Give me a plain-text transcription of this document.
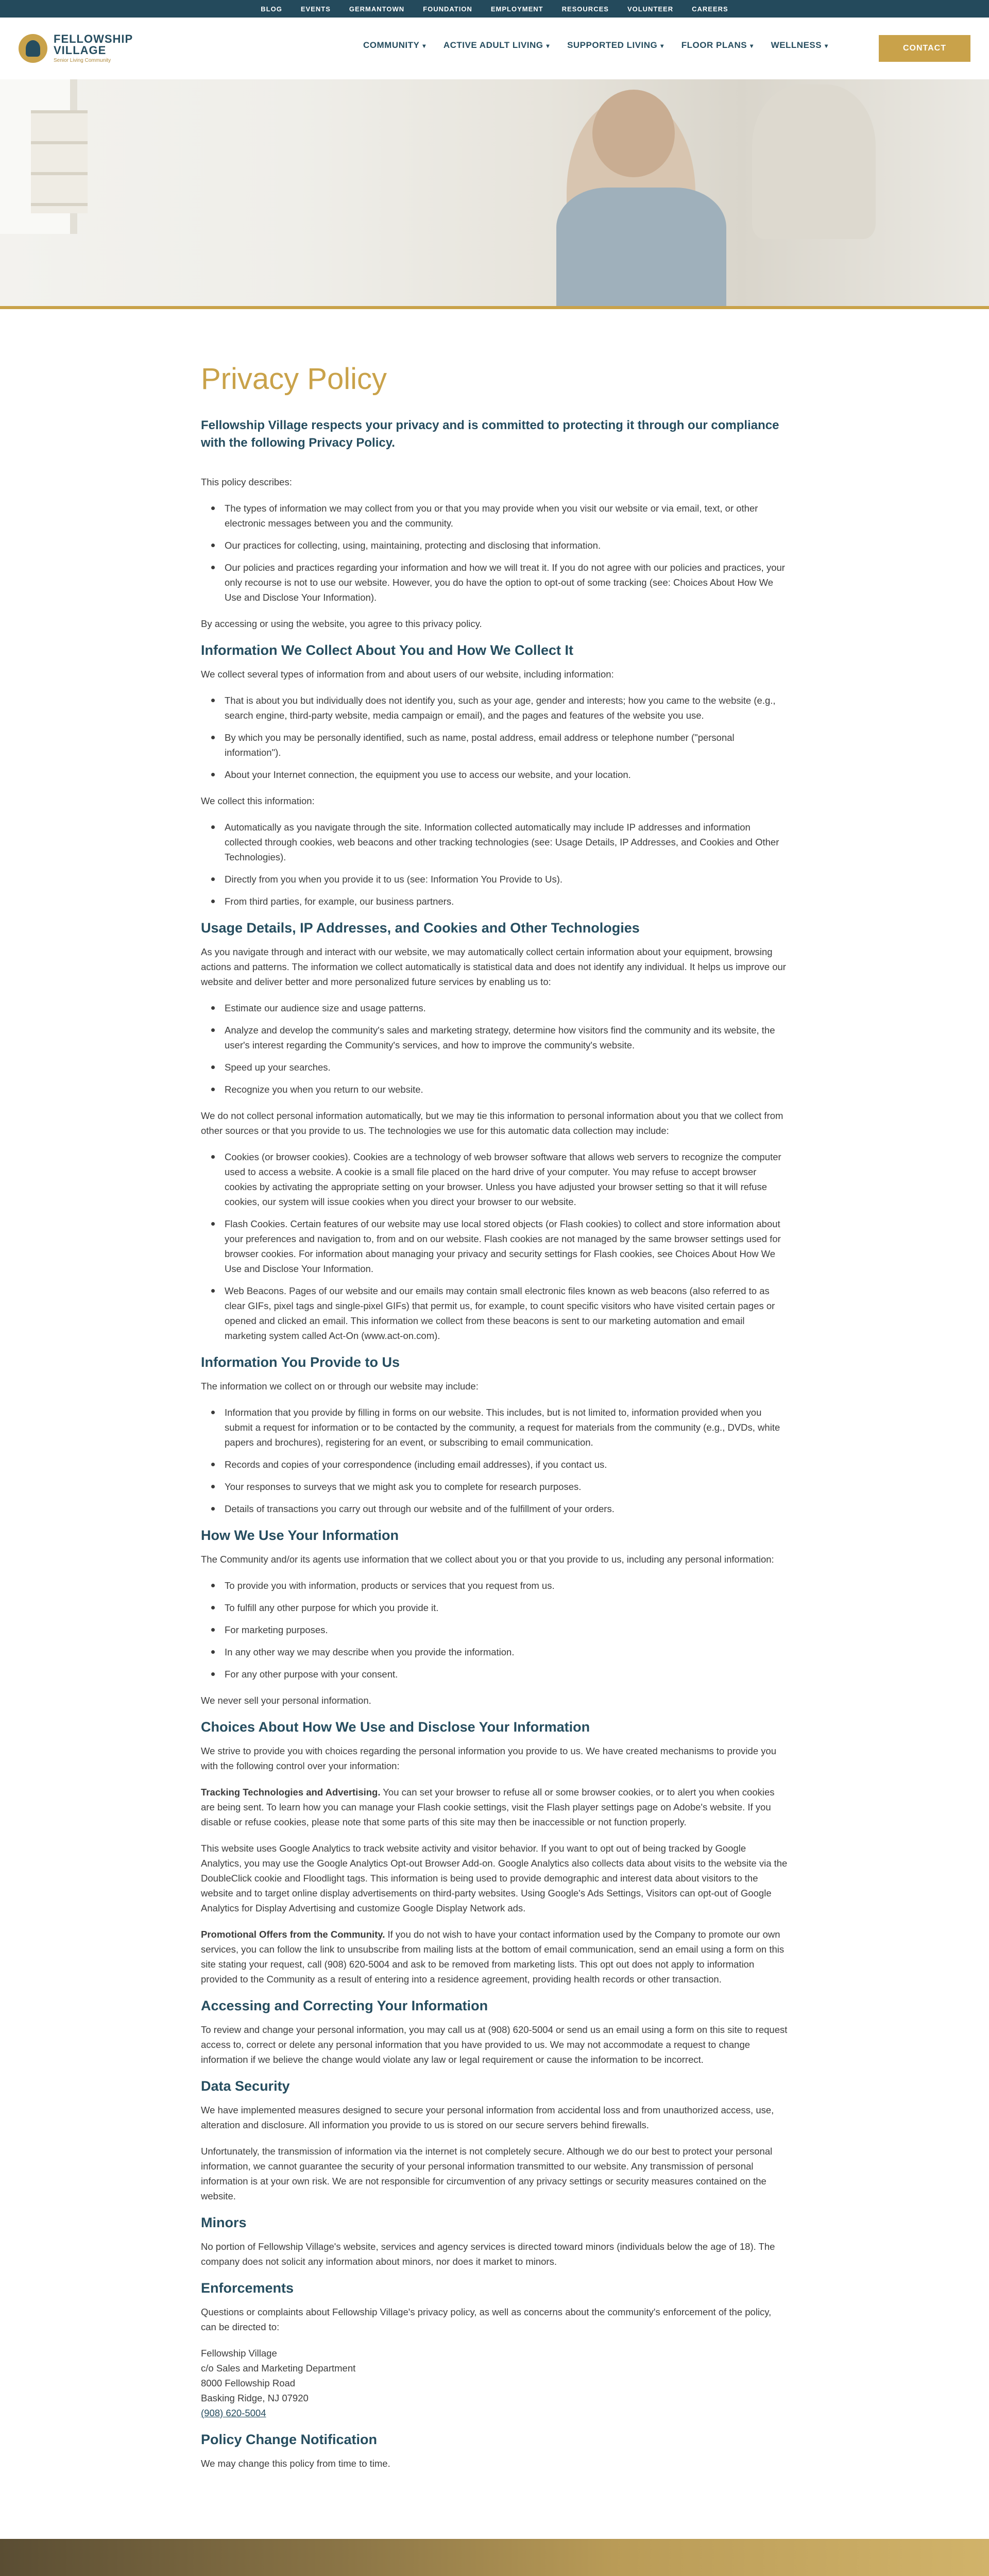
BLOG	EVENTS	GERMANTOWN	FOUNDATION	EMPLOYMENT	RESOURCES	VOLUNTEER	CAREERS
FELLOWSHIP
VILLAGE
Senior Living Community
COMMUNITY ▾ ACTIVE ADULT LIVING ▾ SUPPORTED LIVING ▾ FLOOR PLANS ▾ WELLNESS ▾	CONTACT
Privacy Policy

Fellowship Village respects your privacy and is committed to protecting it through our compliance with the following Privacy Policy.

This policy describes:

The types of information we may collect from you or that you may provide when you visit our website or via email, text, or other electronic messages between you and the community.
Our practices for collecting, using, maintaining, protecting and disclosing that information.
Our policies and practices regarding your information and how we will treat it. If you do not agree with our policies and practices, your only recourse is not to use our website. However, you do have the option to opt-out of some tracking (see: Choices About How We Use and Disclose Your Information).

By accessing or using the website, you agree to this privacy policy.

Information We Collect About You and How We Collect It

We collect several types of information from and about users of our website, including information:

That is about you but individually does not identify you, such as your age, gender and interests; how you came to the website (e.g., search engine, third-party website, media campaign or email), and the pages and features of the website you use.
By which you may be personally identified, such as name, postal address, email address or telephone number ("personal information").
About your Internet connection, the equipment you use to access our website, and your location.

We collect this information:

Automatically as you navigate through the site. Information collected automatically may include IP addresses and information collected through cookies, web beacons and other tracking technologies (see: Usage Details, IP Addresses, and Cookies and Other Technologies).
Directly from you when you provide it to us (see: Information You Provide to Us).
From third parties, for example, our business partners.
Usage Details, IP Addresses, and Cookies and Other Technologies

As you navigate through and interact with our website, we may automatically collect certain information about your equipment, browsing actions and patterns. The information we collect automatically is statistical data and does not identify any individual. It helps us improve our website and deliver better and more personalized future services by enabling us to:

Estimate our audience size and usage patterns.
Analyze and develop the community's sales and marketing strategy, determine how visitors find the community and its website, the user's interest regarding the Community's services, and how to improve the community's website.
Speed up your searches.
Recognize you when you return to our website.

We do not collect personal information automatically, but we may tie this information to personal information about you that we collect from other sources or that you provide to us. The technologies we use for this automatic data collection may include:

Cookies (or browser cookies). Cookies are a technology of web browser software that allows web servers to recognize the computer used to access a website. A cookie is a small file placed on the hard drive of your computer. You may refuse to accept browser cookies by activating the appropriate setting on your browser. Unless you have adjusted your browser setting so that it will refuse cookies, our system will issue cookies when you direct your browser to our website.
Flash Cookies. Certain features of our website may use local stored objects (or Flash cookies) to collect and store information about your preferences and navigation to, from and on our website. Flash cookies are not managed by the same browser settings used for browser cookies. For information about managing your privacy and security settings for Flash cookies, see Choices About How We Use and Disclose Your Information.
Web Beacons. Pages of our website and our emails may contain small electronic files known as web beacons (also referred to as clear GIFs, pixel tags and single-pixel GIFs) that permit us, for example, to count specific visitors who have visited certain pages or opened and clicked an email. This information we collect from these beacons is sent to our marketing automation and email marketing system called Act-On (www.act-on.com).
Information You Provide to Us

The information we collect on or through our website may include:

Information that you provide by filling in forms on our website. This includes, but is not limited to, information provided when you submit a request for information or to be contacted by the community, a request for materials from the community (e.g., DVDs, white papers and brochures), registering for an event, or subscribing to email communication.
Records and copies of your correspondence (including email addresses), if you contact us.
Your responses to surveys that we might ask you to complete for research purposes.
Details of transactions you carry out through our website and of the fulfillment of your orders.
How We Use Your Information

The Community and/or its agents use information that we collect about you or that you provide to us, including any personal information:

To provide you with information, products or services that you request from us.
To fulfill any other purpose for which you provide it.
For marketing purposes.
In any other way we may describe when you provide the information.
For any other purpose with your consent.

We never sell your personal information.

Choices About How We Use and Disclose Your Information

We strive to provide you with choices regarding the personal information you provide to us. We have created mechanisms to provide you with the following control over your information:

Tracking Technologies and Advertising. You can set your browser to refuse all or some browser cookies, or to alert you when cookies are being sent. To learn how you can manage your Flash cookie settings, visit the Flash player settings page on Adobe's website. If you disable or refuse cookies, please note that some parts of this site may then be inaccessible or not function properly.

This website uses Google Analytics to track website activity and visitor behavior. If you want to opt out of being tracked by Google Analytics, you may use the Google Analytics Opt-out Browser Add-on. Google Analytics also collects data about visits to the website via the DoubleClick cookie and Floodlight tags. This information is being used to provide demographic and interest data about visitors to the website and to target online display advertisements on third-party websites. Using Google's Ads Settings, Visitors can opt-out of Google Analytics for Display Advertising and customize Google Display Network ads.

Promotional Offers from the Community. If you do not wish to have your contact information used by the Company to promote our own services, you can follow the link to unsubscribe from mailing lists at the bottom of email communication, send an email using a form on this site stating your request, call (908) 620-5004 and ask to be removed from marketing lists. This opt out does not apply to information provided to the Community as a result of entering into a residence agreement, providing health records or other transaction.

Accessing and Correcting Your Information

To review and change your personal information, you may call us at (908) 620-5004 or send us an email using a form on this site to request access to, correct or delete any personal information that you have provided to us. We may not accommodate a request to change information if we believe the change would violate any law or legal requirement or cause the information to be incorrect.

Data Security

We have implemented measures designed to secure your personal information from accidental loss and from unauthorized access, use, alteration and disclosure. All information you provide to us is stored on our secure servers behind firewalls.

Unfortunately, the transmission of information via the internet is not completely secure. Although we do our best to protect your personal information, we cannot guarantee the security of your personal information transmitted to our website. Any transmission of personal information is at your own risk. We are not responsible for circumvention of any privacy settings or security measures contained on the website.

Minors

No portion of Fellowship Village's website, services and agency services is directed toward minors (individuals below the age of 18). The company does not solicit any information about minors, nor does it market to minors.

Enforcements

Questions or complaints about Fellowship Village's privacy policy, as well as concerns about the community's enforcement of the policy, can be directed to:

Fellowship Village

c/o Sales and Marketing Department

8000 Fellowship Road

Basking Ridge, NJ 07920

(908) 620-5004

Policy Change Notification

We may change this policy from time to time.
